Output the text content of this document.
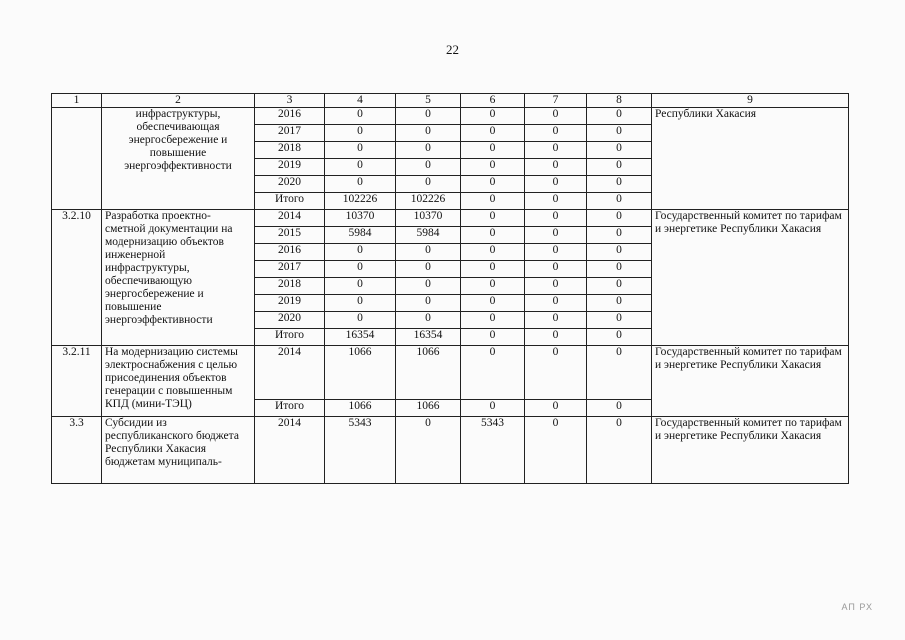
22
1	2	3	4	5	6	7	8	9
	инфраструктуры, обеспечивающая энергосбережение и повышение энергоэффективности	2016	0	0	0	0	0	Республики Хакасия
		2017	0	0	0	0	0	
		2018	0	0	0	0	0	
		2019	0	0	0	0	0	
		2020	0	0	0	0	0	
		Итого	102226	102226	0	0	0	
3.2.10	Разработка проектно-сметной документации на модернизацию объектов инженерной инфраструктуры, обеспечивающую энергосбережение и повышение энергоэффективности	2014	10370	10370	0	0	0	Государственный комитет по тарифам и энергетике Республики Хакасия
		2015	5984	5984	0	0	0	
		2016	0	0	0	0	0	
		2017	0	0	0	0	0	
		2018	0	0	0	0	0	
		2019	0	0	0	0	0	
		2020	0	0	0	0	0	
		Итого	16354	16354	0	0	0	
3.2.11	На модернизацию системы электроснабжения с целью присоединения объектов генерации с повышенным КПД (мини-ТЭЦ)	2014	1066	1066	0	0	0	Государственный комитет по тарифам и энергетике Республики Хакасия
		Итого	1066	1066	0	0	0	
3.3	Субсидии из республиканского бюджета Республики Хакасия бюджетам муниципаль-	2014	5343	0	5343	0	0	Государственный комитет по тарифам и энергетике Республики Хакасия
АП РХ
